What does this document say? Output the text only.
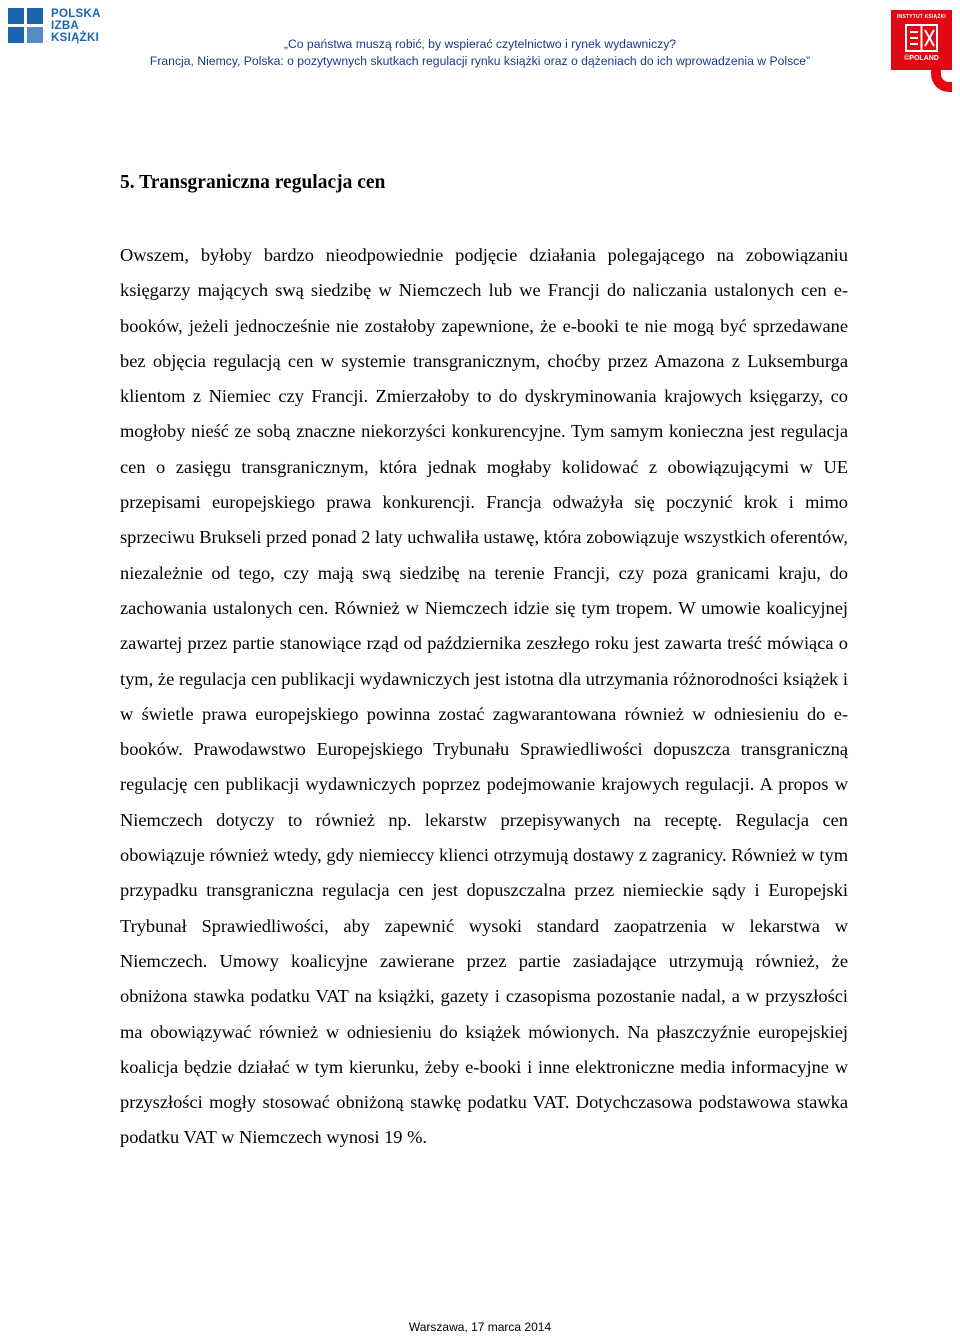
POLSKA
IZBA
KSIĄŻKI	„Co państwa muszą robić, by wspierać czytelnictwo i rynek wydawniczy?
Francja, Niemcy, Polska: o pozytywnych skutkach regulacji rynku książki oraz o dążeniach do ich wprowadzenia w Polsce”
INSTYTUT KSIĄŻKI
©POLAND
5. Transgraniczna regulacja cen

Owszem, byłoby bardzo nieodpowiednie podjęcie działania polegającego na zobowiązaniu księgarzy mających swą siedzibę w Niemczech lub we Francji do naliczania ustalonych cen e-booków, jeżeli jednocześnie nie zostałoby zapewnione, że e-booki te nie mogą być sprzedawane bez objęcia regulacją cen w systemie transgranicznym, choćby przez Amazona z Luksemburga klientom z Niemiec czy Francji. Zmierzałoby to do dyskryminowania krajowych księgarzy, co mogłoby nieść ze sobą znaczne niekorzyści konkurencyjne. Tym samym konieczna jest regulacja cen o zasięgu transgranicznym, która jednak mogłaby kolidować z obowiązującymi w UE przepisami europejskiego prawa konkurencji. Francja odważyła się poczynić krok i mimo sprzeciwu Brukseli przed ponad 2 laty uchwaliła ustawę, która zobowiązuje wszystkich oferentów, niezależnie od tego, czy mają swą siedzibę na terenie Francji, czy poza granicami kraju, do zachowania ustalonych cen. Również w Niemczech idzie się tym tropem. W umowie koalicyjnej zawartej przez partie stanowiące rząd od października zeszłego roku jest zawarta treść mówiąca o tym, że regulacja cen publikacji wydawniczych jest istotna dla utrzymania różnorodności książek i w świetle prawa europejskiego powinna zostać zagwarantowana również w odniesieniu do e-booków. Prawodawstwo Europejskiego Trybunału Sprawiedliwości dopuszcza transgraniczną regulację cen publikacji wydawniczych poprzez podejmowanie krajowych regulacji. A propos w Niemczech dotyczy to również np. lekarstw przepisywanych na receptę. Regulacja cen obowiązuje również wtedy, gdy niemieccy klienci otrzymują dostawy z zagranicy. Również w tym przypadku transgraniczna regulacja cen jest dopuszczalna przez niemieckie sądy i Europejski Trybunał Sprawiedliwości, aby zapewnić wysoki standard zaopatrzenia w lekarstwa w Niemczech. Umowy koalicyjne zawierane przez partie zasiadające utrzymują również, że obniżona stawka podatku VAT na książki, gazety i czasopisma pozostanie nadal, a w przyszłości ma obowiązywać również w odniesieniu do książek mówionych. Na płaszczyźnie europejskiej koalicja będzie działać w tym kierunku, żeby e-booki i inne elektroniczne media informacyjne w przyszłości mogły stosować obniżoną stawkę podatku VAT. Dotychczasowa podstawowa stawka podatku VAT w Niemczech wynosi 19 %.

Warszawa, 17 marca 2014
